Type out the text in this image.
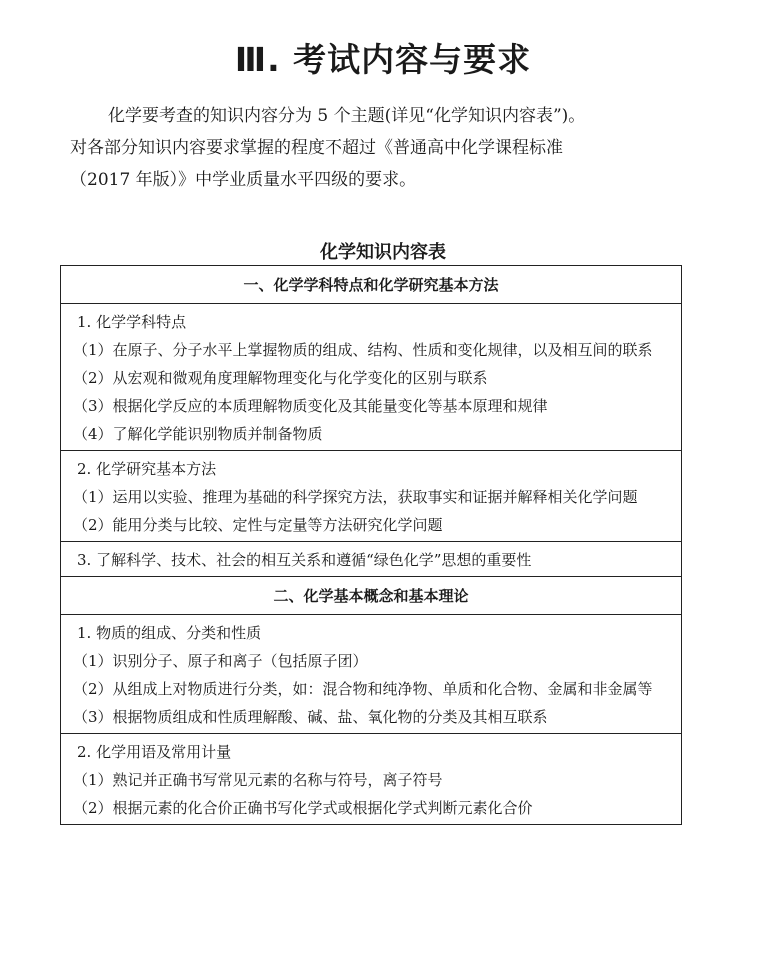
Ⅲ. 考试内容与要求
化学要考查的知识内容分为 5 个主题(详见“化学知识内容表”)。
对各部分知识内容要求掌握的程度不超过《普通高中化学课程标准
（2017 年版）》中学业质量水平四级的要求。
化学知识内容表
一、化学学科特点和化学研究基本方法
1. 化学学科特点
（1） 在原子、分子水平上掌握物质的组成、结构、性质和变化规律，以及相互间的联系
（2） 从宏观和微观角度理解物理变化与化学变化的区别与联系
（3） 根据化学反应的本质理解物质变化及其能量变化等基本原理和规律
（4） 了解化学能识别物质并制备物质
2. 化学研究基本方法
（1） 运用以实验、推理为基础的科学探究方法，获取事实和证据并解释相关化学问题
（2） 能用分类与比较、定性与定量等方法研究化学问题
3. 了解科学、技术、社会的相互关系和遵循“绿色化学”思想的重要性
二、化学基本概念和基本理论
1. 物质的组成、分类和性质
（1） 识别分子、原子和离子（包括原子团）
（2） 从组成上对物质进行分类，如：混合物和纯净物、单质和化合物、金属和非金属等
（3） 根据物质组成和性质理解酸、碱、盐、氧化物的分类及其相互联系
2. 化学用语及常用计量
（1） 熟记并正确书写常见元素的名称与符号，离子符号
（2） 根据元素的化合价正确书写化学式或根据化学式判断元素化合价
